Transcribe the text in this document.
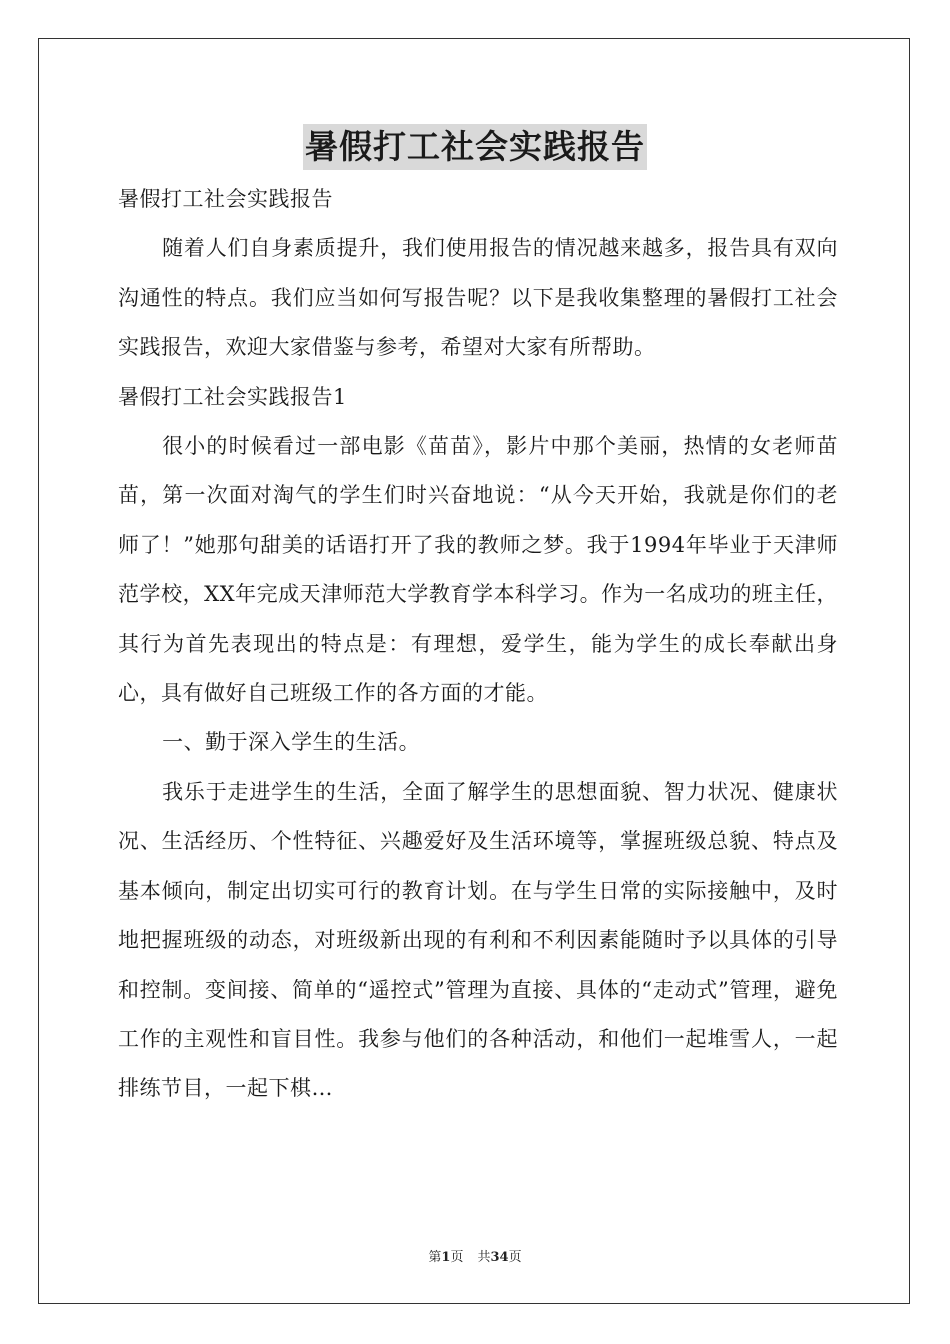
暑假打工社会实践报告

暑假打工社会实践报告

随着人们自身素质提升，我们使用报告的情况越来越多，报告具有双向沟通性的特点。我们应当如何写报告呢？以下是我收集整理的暑假打工社会实践报告，欢迎大家借鉴与参考，希望对大家有所帮助。

暑假打工社会实践报告1

很小的时候看过一部电影《苗苗》，影片中那个美丽，热情的女老师苗苗，第一次面对淘气的学生们时兴奋地说：“从今天开始，我就是你们的老师了！”她那句甜美的话语打开了我的教师之梦。我于1994年毕业于天津师范学校，XX年完成天津师范大学教育学本科学习。作为一名成功的班主任，其行为首先表现出的特点是：有理想，爱学生，能为学生的成长奉献出身心，具有做好自己班级工作的各方面的才能。

一、勤于深入学生的生活。

我乐于走进学生的生活，全面了解学生的思想面貌、智力状况、健康状况、生活经历、个性特征、兴趣爱好及生活环境等，掌握班级总貌、特点及基本倾向，制定出切实可行的教育计划。在与学生日常的实际接触中，及时地把握班级的动态，对班级新出现的有利和不利因素能随时予以具体的引导和控制。变间接、简单的“遥控式”管理为直接、具体的“走动式”管理，避免工作的主观性和盲目性。我参与他们的各种活动，和他们一起堆雪人，一起排练节目，一起下棋…

第1页 共34页
